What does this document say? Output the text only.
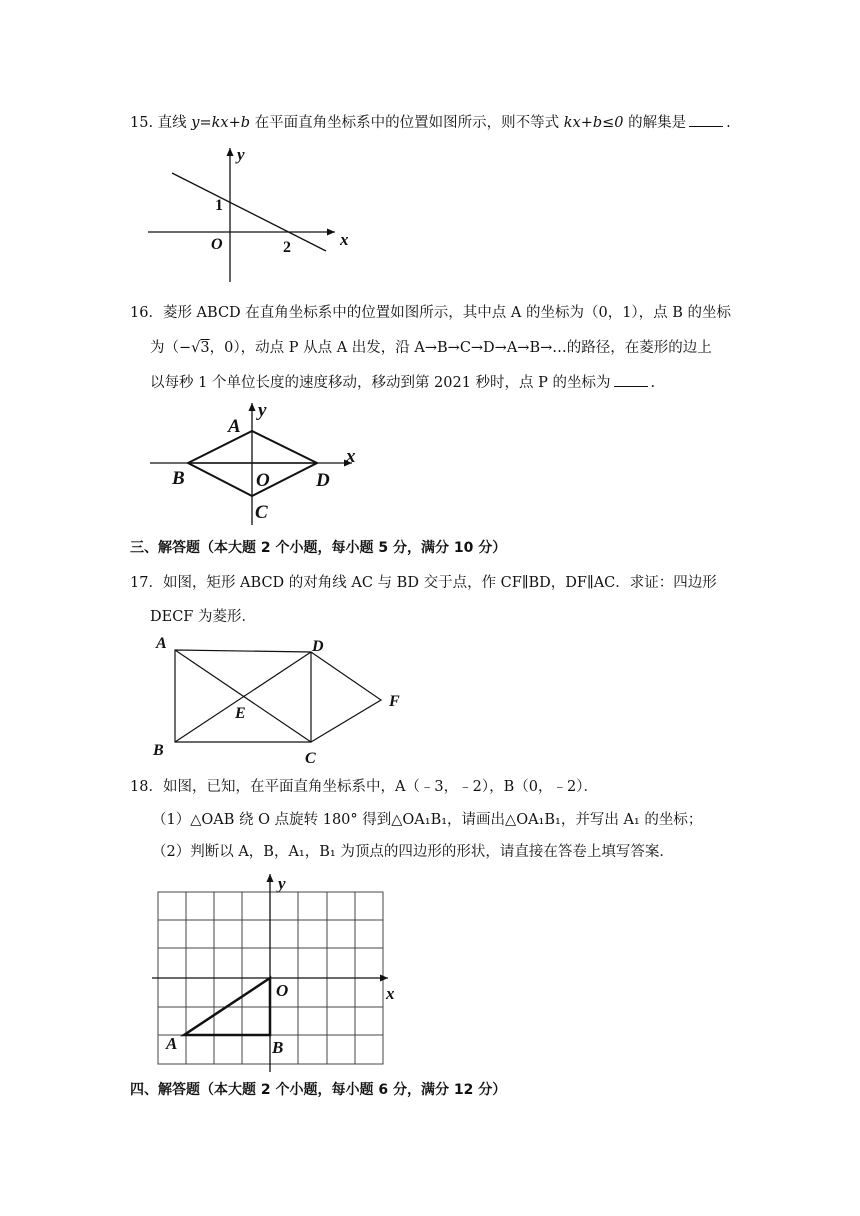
15. 直线 y=kx+b 在平面直角坐标系中的位置如图所示，则不等式 kx+b≤0 的解集是	.
x
y
O
1
2
16．菱形 ABCD 在直角坐标系中的位置如图所示，其中点 A 的坐标为（0，1），点 B 的坐标
为（−√3，0），动点 P 从点 A 出发，沿 A→B→C→D→A→B→…的路径，在菱形的边上
以每秒 1 个单位长度的速度移动，移动到第 2021 秒时，点 P 的坐标为	.
A
B
C
D
O
x
y
三、解答题（本大题 2 个小题，每小题 5 分，满分 10 分）
17．如图，矩形 ABCD 的对角线 AC 与 BD 交于点，作 CF∥BD，DF∥AC．求证：四边形
DECF 为菱形．
A
B	C
D
E
F
18．如图，已知，在平面直角坐标系中，A（﹣3，﹣2），B（0，﹣2）．
（1）△OAB 绕 O 点旋转 180° 得到△OA₁B₁，请画出△OA₁B₁，并写出 A₁ 的坐标；
（2）判断以 A，B，A₁，B₁ 为顶点的四边形的形状，请直接在答卷上填写答案．
O
A	B
x
y
四、解答题（本大题 2 个小题，每小题 6 分，满分 12 分）
